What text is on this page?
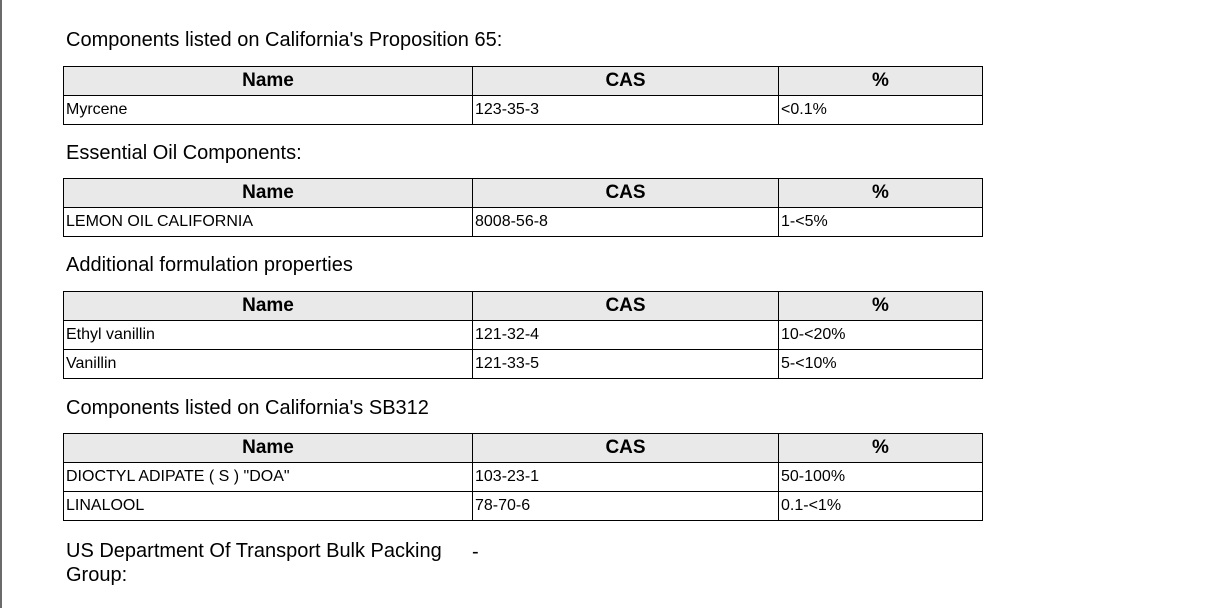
Components listed on California's Proposition 65:
Name	CAS	%
Myrcene	123-35-3	<0.1%
Essential Oil Components:
Name	CAS	%
LEMON OIL CALIFORNIA	8008-56-8	1-<5%
Additional formulation properties
Name	CAS	%
Ethyl vanillin	121-32-4	10-<20%
Vanillin	121-33-5	5-<10%
Components listed on California's SB312
Name	CAS	%
DIOCTYL ADIPATE ( S ) "DOA"	103-23-1	50-100%
LINALOOL	78-70-6	0.1-<1%
US Department Of Transport Bulk Packing
Group:
-
